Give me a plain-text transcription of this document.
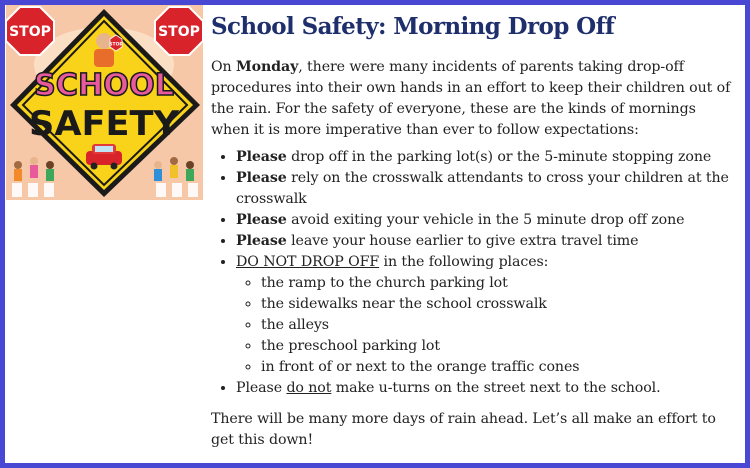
STOP
SCHOOL
SAFETY
STOP	STOP School Safety: Morning Drop Off

On Monday, there were many incidents of parents taking drop-off procedures into their own hands in an effort to keep their children out of the rain. For the safety of everyone, these are the kinds of mornings when it is more imperative than ever to follow expectations:

• Please drop off in the parking lot(s) or the 5-minute stopping zone
• Please rely on the crosswalk attendants to cross your children at the crosswalk
• Please avoid exiting your vehicle in the 5 minute drop off zone
• Please leave your house earlier to give extra travel time
• DO NOT DROP OFF in the following places:
◦ the ramp to the church parking lot
◦ the sidewalks near the school crosswalk
◦ the alleys
◦ the preschool parking lot
◦ in front of or next to the orange traffic cones
• Please do not make u-turns on the street next to the school.

There will be many more days of rain ahead. Let’s all make an effort to get this down!
